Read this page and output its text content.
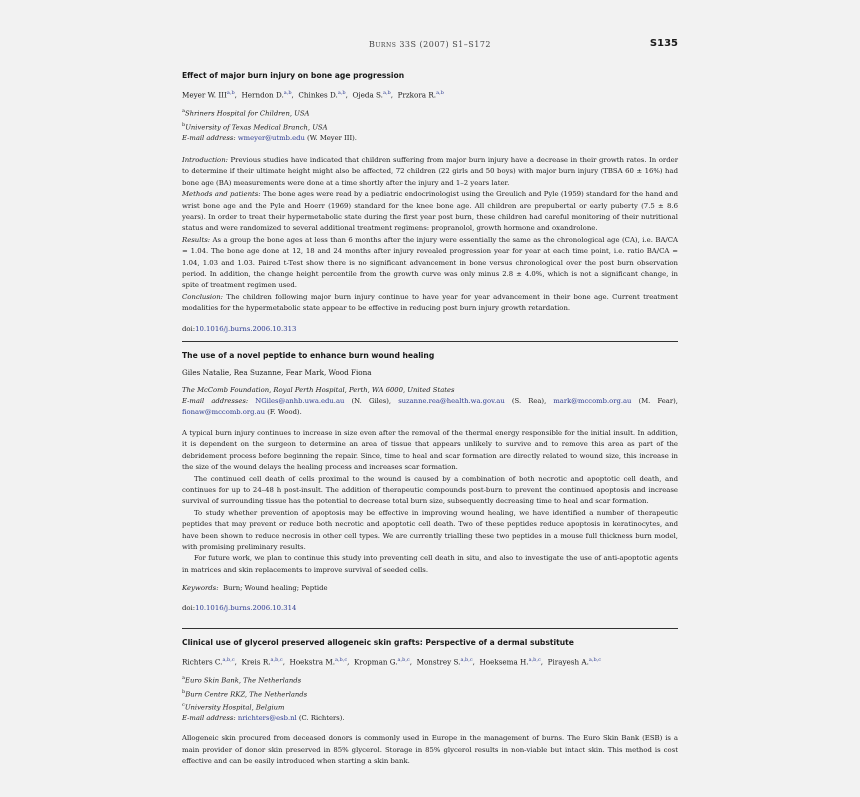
Burns 33S (2007) S1–S172	S135
Effect of major burn injury on bone age progression
Meyer W. III$^{a,b}$,  Herndon D.$^{a,b}$,  Chinkes D.$^{a,b}$,  Ojeda S.$^{a,b}$,  Przkora R.$^{a,b}$
$^a$Shriners Hospital for Children, USA
$^b$University of Texas Medical Branch, USA
E-mail address: wmeyer@utmb.edu (W. Meyer III).

Introduction: Previous studies have indicated that children suffering from major burn injury have a decrease in their growth rates. In order to determine if their ultimate height might also be affected, 72 children (22 girls and 50 boys) with major burn injury (TBSA 60 ± 16%) had bone age (BA) measurements were done at a time shortly after the injury and 1–2 years later.

Methods and patients: The bone ages were read by a pediatric endocrinologist using the Greulich and Pyle (1959) standard for the hand and wrist bone age and the Pyle and Hoerr (1969) standard for the knee bone age. All children are prepubertal or early puberty (7.5 ± 8.6 years). In order to treat their hypermetabolic state during the first year post burn, these children had careful monitoring of their nutritional status and were randomized to several additional treatment regimens: propranolol, growth hormone and oxandrolone.

Results: As a group the bone ages at less than 6 months after the injury were essentially the same as the chronological age (CA), i.e. BA/CA = 1.04. The bone age done at 12, 18 and 24 months after injury revealed progression year for year at each time point, i.e. ratio BA/CA = 1.04, 1.03 and 1.03. Paired t-Test show there is no significant advancement in bone versus chronological over the post burn observation period. In addition, the change height percentile from the growth curve was only minus 2.8 ± 4.0%, which is not a significant change, in spite of treatment regimen used.

Conclusion: The children following major burn injury continue to have year for year advancement in their bone age. Current treatment modalities for the hypermetabolic state appear to be effective in reducing post burn injury growth retardation.

doi:10.1016/j.burns.2006.10.313
The use of a novel peptide to enhance burn wound healing
Giles Natalie, Rea Suzanne, Fear Mark, Wood Fiona
The McComb Foundation, Royal Perth Hospital, Perth, WA 6000, United States
E-mail addresses: NGiles@anhb.uwa.edu.au (N. Giles), suzanne.rea@health.wa.gov.au (S. Rea), mark@mccomb.org.au (M. Fear), fionaw@mccomb.org.au (F. Wood).

A typical burn injury continues to increase in size even after the removal of the thermal energy responsible for the initial insult. In addition, it is dependent on the surgeon to determine an area of tissue that appears unlikely to survive and to remove this area as part of the debridement process before beginning the repair. Since, time to heal and scar formation are directly related to wound size, this increase in the size of the wound delays the healing process and increases scar formation.

The continued cell death of cells proximal to the wound is caused by a combination of both necrotic and apoptotic cell death, and continues for up to 24–48 h post-insult. The addition of therapeutic compounds post-burn to prevent the continued apoptosis and increase survival of surrounding tissue has the potential to decrease total burn size, subsequently decreasing time to heal and scar formation.

To study whether prevention of apoptosis may be effective in improving wound healing, we have identified a number of therapeutic peptides that may prevent or reduce both necrotic and apoptotic cell death. Two of these peptides reduce apoptosis in keratinocytes, and have been shown to reduce necrosis in other cell types. We are currently trialling these two peptides in a mouse full thickness burn model, with promising preliminary results.

For future work, we plan to continue this study into preventing cell death in situ, and also to investigate the use of anti-apoptotic agents in matrices and skin replacements to improve survival of seeded cells.

Keywords: Burn; Wound healing; Peptide
doi:10.1016/j.burns.2006.10.314
Clinical use of glycerol preserved allogeneic skin grafts: Perspective of a dermal substitute
Richters C.$^{a,b,c}$,  Kreis R.$^{a,b,c}$,  Hoekstra M.$^{a,b,c}$,  Kropman G.$^{a,b,c}$,  Monstrey S.$^{a,b,c}$,  Hoeksema H.$^{a,b,c}$,  Pirayesh A.$^{a,b,c}$
$^a$Euro Skin Bank, The Netherlands
$^b$Burn Centre RKZ, The Netherlands
$^c$University Hospital, Belgium
E-mail address: nrichters@esb.nl (C. Richters).

Allogeneic skin procured from deceased donors is commonly used in Europe in the management of burns. The Euro Skin Bank (ESB) is a main provider of donor skin preserved in 85% glycerol. Storage in 85% glycerol results in non-viable but intact skin. This method is cost effective and can be easily introduced when starting a skin bank.
